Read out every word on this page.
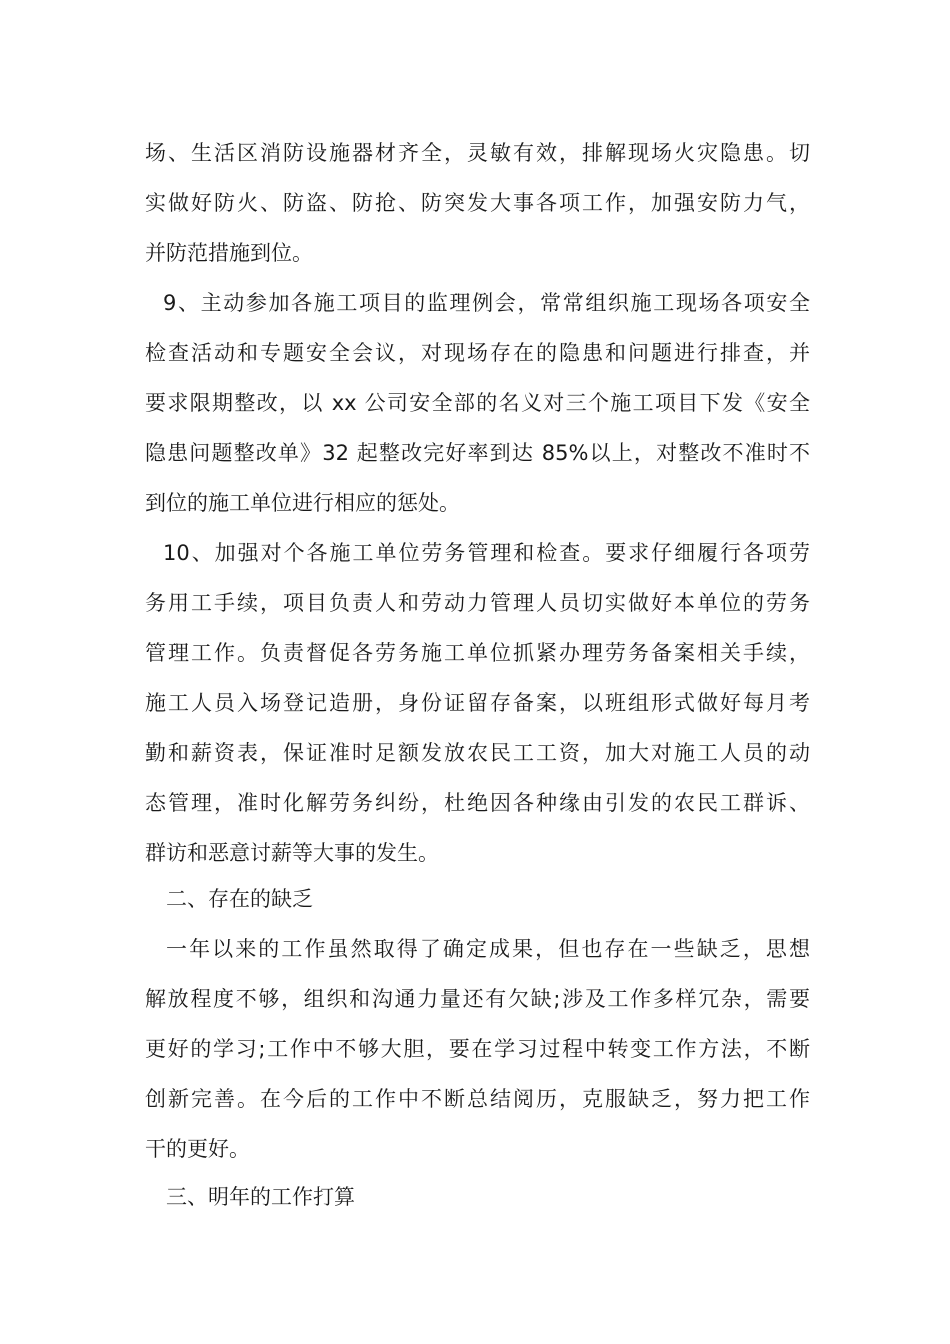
场、生活区消防设施器材齐全，灵敏有效，排解现场火灾隐患。切
实做好防火、防盗、防抢、防突发大事各项工作，加强安防力气，
并防范措施到位。
9、主动参加各施工项目的监理例会，常常组织施工现场各项安全
检查活动和专题安全会议，对现场存在的隐患和问题进行排查，并
要求限期整改，以 xx 公司安全部的名义对三个施工项目下发《安全
隐患问题整改单》32 起整改完好率到达 85%以上，对整改不准时不
到位的施工单位进行相应的惩处。
10、加强对个各施工单位劳务管理和检查。要求仔细履行各项劳
务用工手续，项目负责人和劳动力管理人员切实做好本单位的劳务
管理工作。负责督促各劳务施工单位抓紧办理劳务备案相关手续，
施工人员入场登记造册，身份证留存备案，以班组形式做好每月考
勤和薪资表，保证准时足额发放农民工工资，加大对施工人员的动
态管理，准时化解劳务纠纷，杜绝因各种缘由引发的农民工群诉、
群访和恶意讨薪等大事的发生。
二、存在的缺乏
一年以来的工作虽然取得了确定成果，但也存在一些缺乏，思想
解放程度不够，组织和沟通力量还有欠缺;涉及工作多样冗杂，需要
更好的学习;工作中不够大胆，要在学习过程中转变工作方法，不断
创新完善。在今后的工作中不断总结阅历，克服缺乏，努力把工作
干的更好。
三、明年的工作打算
